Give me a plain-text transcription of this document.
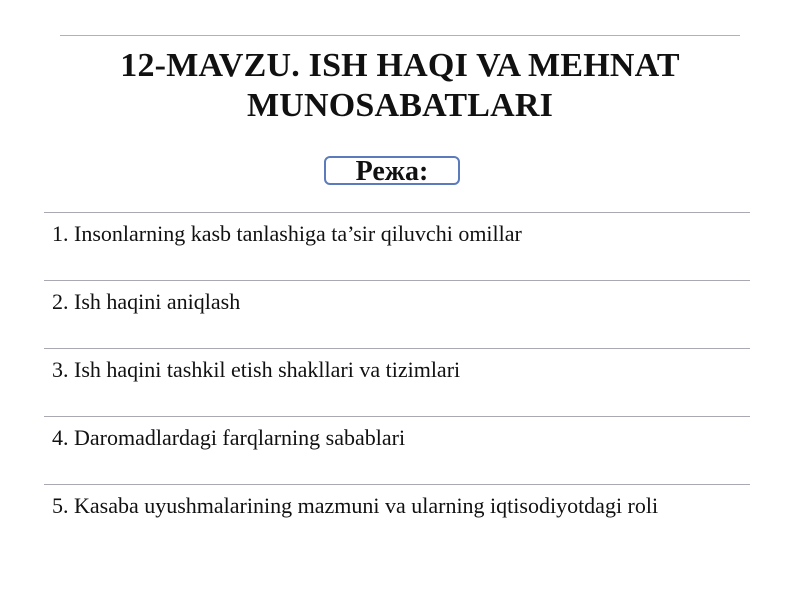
12-MAVZU. ISH HAQI VA MEHNAT
MUNOSABATLARI
Режа:
1. Insonlarning kasb tanlashiga ta’sir qiluvchi omillar
2. Ish haqini aniqlash
3. Ish haqini tashkil etish shakllari va tizimlari
4. Daromadlardagi farqlarning sabablari
5. Kasaba uyushmalarining mazmuni va ularning iqtisodiyotdagi roli
